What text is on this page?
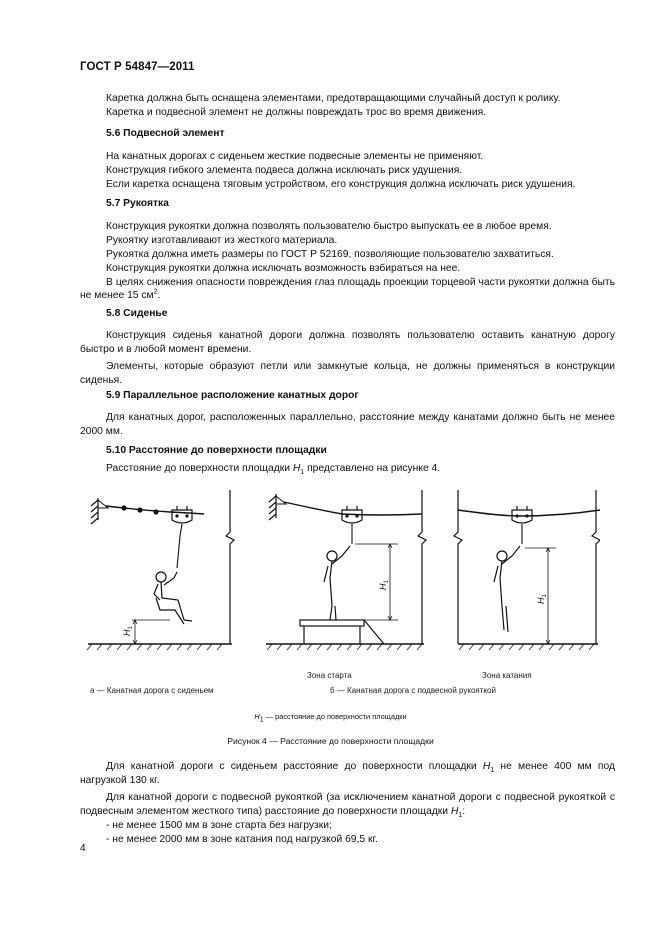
ГОСТ Р 54847—2011

Каретка должна быть оснащена элементами, предотвращающими случайный доступ к ролику.

Каретка и подвесной элемент не должны повреждать трос во время движения.

5.6 Подвесной элемент

На канатных дорогах с сиденьем жесткие подвесные элементы не применяют.

Конструкция гибкого элемента подвеса должна исключать риск удушения.

Если каретка оснащена тяговым устройством, его конструкция должна исключать риск удушения.

5.7 Рукоятка

Конструкция рукоятки должна позволять пользователю быстро выпускать ее в любое время.

Рукоятку изготавливают из жесткого материала.

Рукоятка должна иметь размеры по ГОСТ Р 52169, позволяющие пользователю захватиться.

Конструкция рукоятки должна исключать возможность взбираться на нее.

В целях снижения опасности повреждения глаз площадь проекции торцевой части рукоятки должна быть не менее 15 $см^2$.

5.8 Сиденье

Конструкция сиденья канатной дороги должна позволять пользователю оставить канатную дорогу быстро и в любой момент времени.

Элементы, которые образуют петли или замкнутые кольца, не должны применяться в конструкции сиденья.

5.9 Параллельное расположение канатных дорог

Для канатных дорог, расположенных параллельно, расстояние между канатами должно быть не менее 2000 мм.

5.10 Расстояние до поверхности площадки

Расстояние до поверхности площадки $H_1$ представлено на рисунке 4.

$H_1$
$H_1$
$H_1$
Зона старта	Зона катания
а — Канатная дорога с сиденьем	б — Канатная дорога с подвесной рукояткой
$H_1$ — расстояние до поверхности площадки
Рисунок 4 — Расстояние до поверхности площадки

Для канатной дороги с сиденьем расстояние до поверхности площадки $H_1$ не менее 400 мм под нагрузкой 130 кг.

Для канатной дороги с подвесной рукояткой (за исключением канатной дороги с подвесной рукояткой с подвесным элементом жесткого типа) расстояние до поверхности площадки $H_1$:

- не менее 1500 мм в зоне старта без нагрузки;

- не менее 2000 мм в зоне катания под нагрузкой 69,5 кг.

4
